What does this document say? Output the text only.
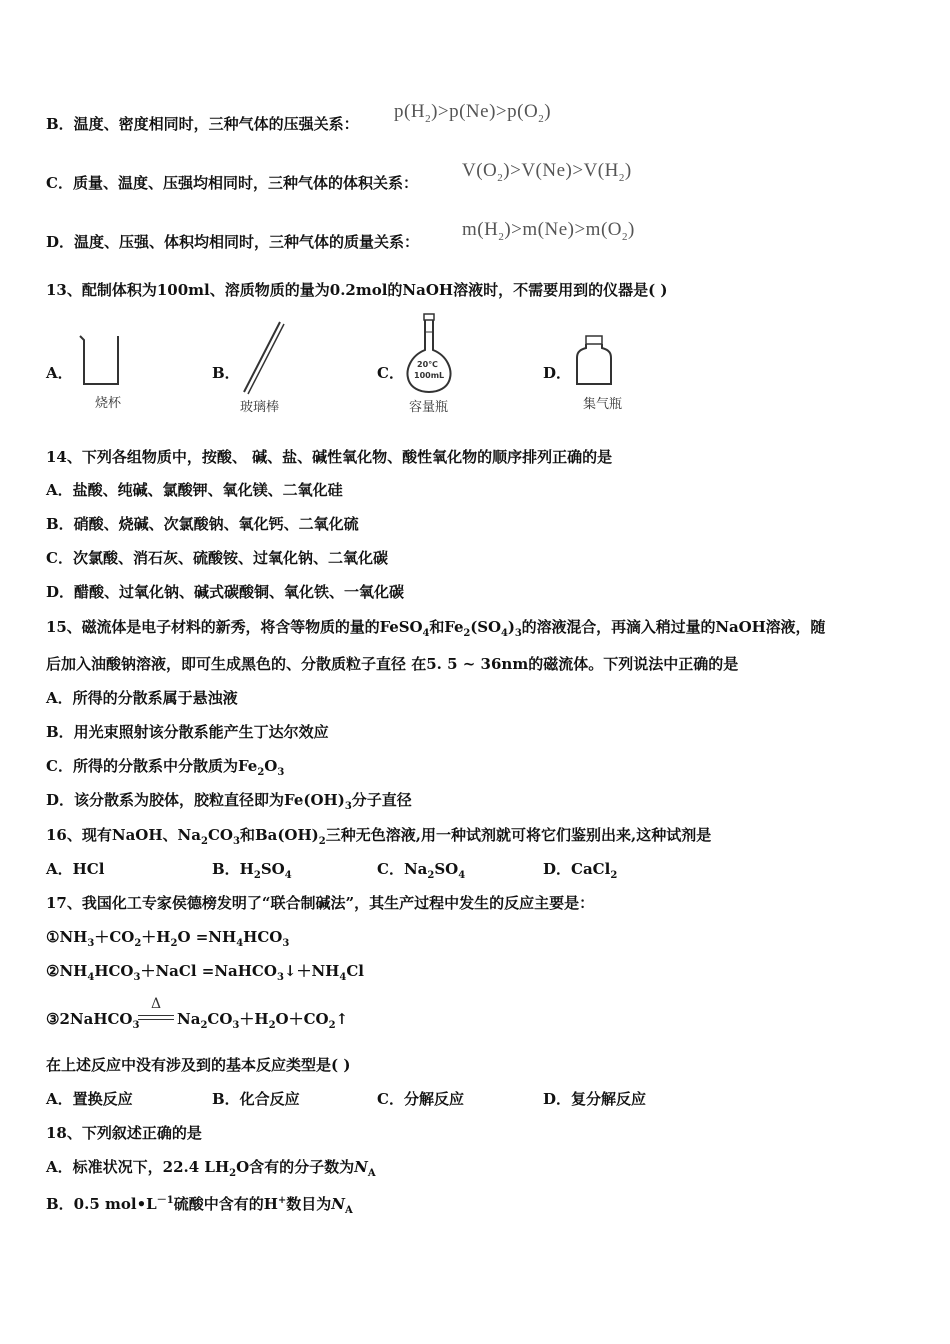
B．温度、密度相同时，三种气体的压强关系：
$p(H_2)>p(Ne)>p(O_2)$
C．质量、温度、压强均相同时，三种气体的体积关系：
$V(O_2)>V(Ne)>V(H_2)$
D．温度、压强、体积均相同时，三种气体的质量关系：
$m(H_2)>m(Ne)>m(O_2)$
13、配制体积为100ml、溶质物质的量为0.2mol的NaOH溶液时，不需要用到的仪器是( )
A．
烧杯
B．
玻璃棒
C． 20℃
100mL
容量瓶
D．
集气瓶
14、下列各组物质中，按酸、 碱、盐、碱性氧化物、酸性氧化物的顺序排列正确的是
A．盐酸、纯碱、氯酸钾、氧化镁、二氧化硅
B．硝酸、烧碱、次氯酸钠、氧化钙、二氧化硫
C．次氯酸、消石灰、硫酸铵、过氧化钠、二氧化碳
D．醋酸、过氧化钠、碱式碳酸铜、氧化铁、一氧化碳
15、磁流体是电子材料的新秀，将含等物质的量的FeSO$_4$和$Fe_2(SO_4)_3$的溶液混合，再滴入稍过量的NaOH溶液，随
后加入油酸钠溶液，即可生成黑色的、分散质粒子直径 在5. 5 ~ 36nm的磁流体。下列说法中正确的是
A．所得的分散系属于悬浊液
B．用光束照射该分散系能产生丁达尔效应
C．所得的分散系中分散质为$Fe_2O_3$
D．该分散系为胶体，胶粒直径即为$Fe(OH)_3$分子直径
16、现有NaOH、$Na_2CO_3$和$Ba(OH)_2$三种无色溶液,用一种试剂就可将它们鉴别出来,这种试剂是
A．HCl	B．$H_2SO_4$	C．$Na_2SO_4$	D．CaCl$_2$
17、我国化工专家侯德榜发明了“联合制碱法”，其生产过程中发生的反应主要是：
$①NH_3+CO_2+H_2O =NH_4HCO_3$
$②NH_4HCO_3+NaCl$ $=NaHCO_3↓+NH_4Cl$
③2NaHCO$_3$
Δ
$Na_2CO_3+H_2O+CO_2↑$
在上述反应中没有涉及到的基本反应类型是( )
A．置换反应	B．化合反应	C．分解反应	D．复分解反应
18、下列叙述正确的是
A．标准状况下，22.4 $LH_2O$含有的分子数为$N_A$
B．0.5 $mol•L^{-1}$硫酸中含有的H+数目为$N_A$
